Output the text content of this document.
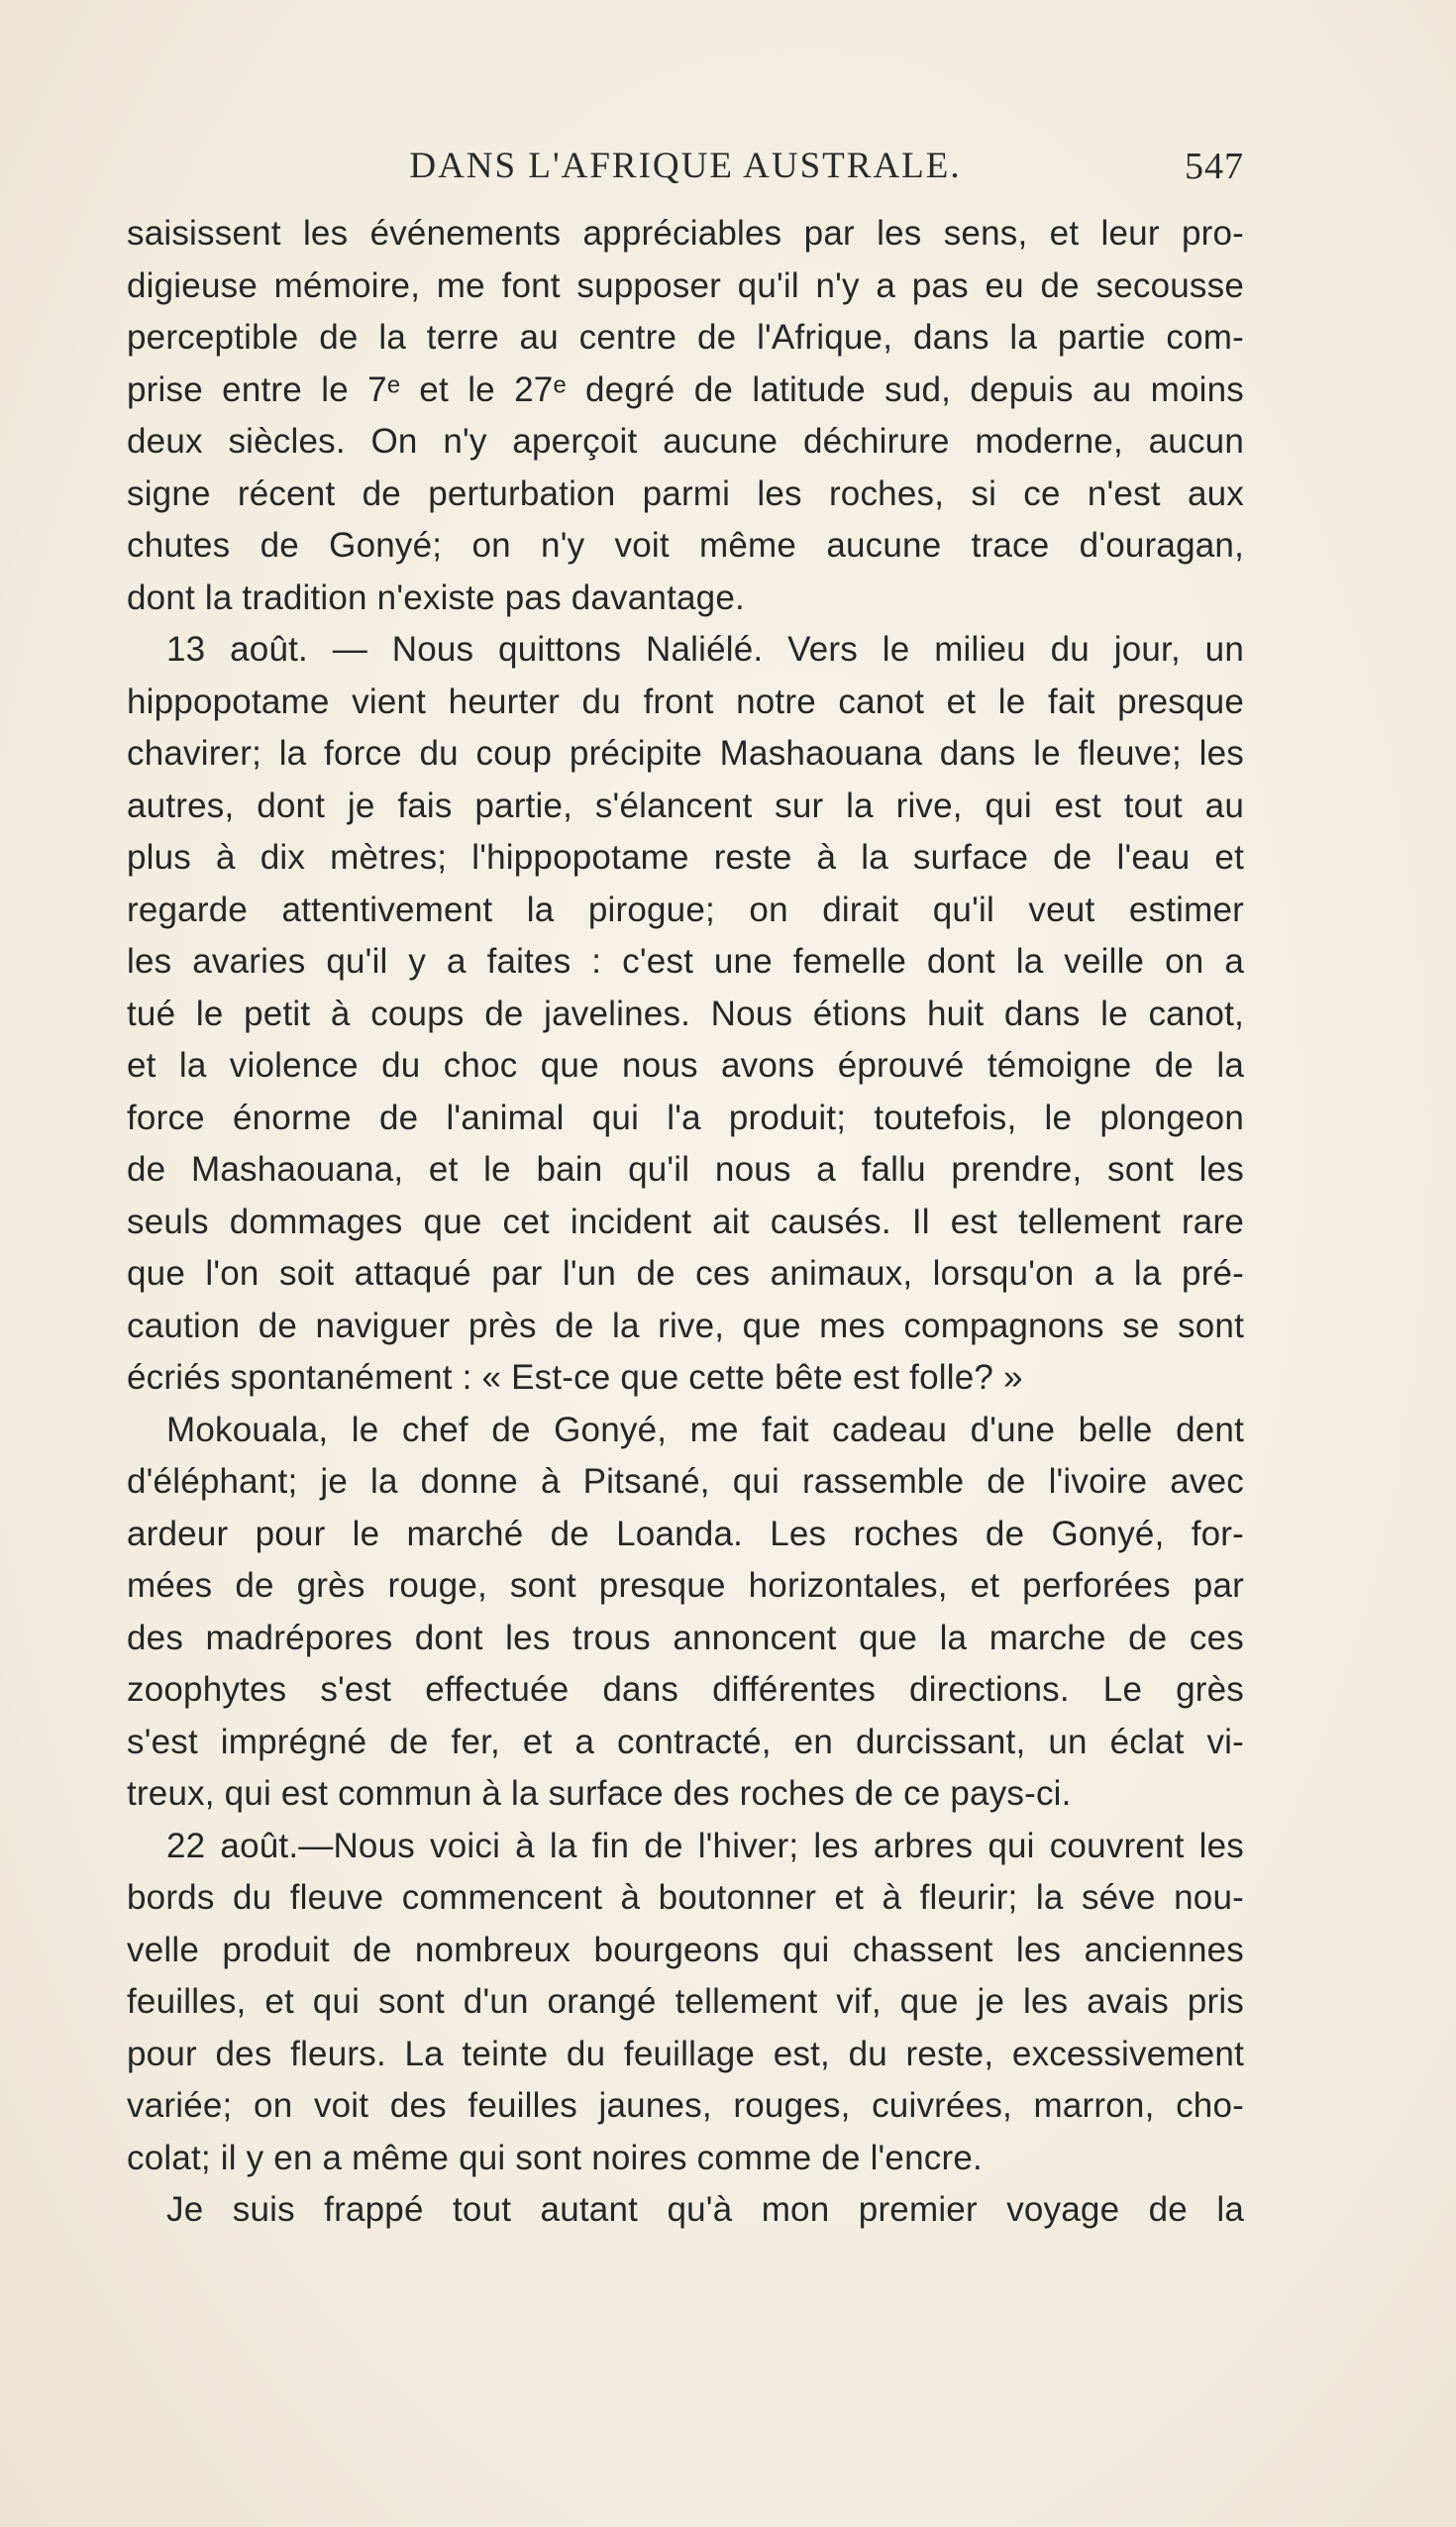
DANS L'AFRIQUE AUSTRALE.	547
saisissent les événements appréciables par les sens, et leur pro-
digieuse mémoire, me font supposer qu'il n'y a pas eu de secousse
perceptible de la terre au centre de l'Afrique, dans la partie com-
prise entre le 7ᵉ et le 27ᵉ degré de latitude sud, depuis au moins
deux siècles. On n'y aperçoit aucune déchirure moderne, aucun
signe récent de perturbation parmi les roches, si ce n'est aux
chutes de Gonyé; on n'y voit même aucune trace d'ouragan,
dont la tradition n'existe pas davantage.
13 août. — Nous quittons Naliélé. Vers le milieu du jour, un
hippopotame vient heurter du front notre canot et le fait presque
chavirer; la force du coup précipite Mashaouana dans le fleuve; les
autres, dont je fais partie, s'élancent sur la rive, qui est tout au
plus à dix mètres; l'hippopotame reste à la surface de l'eau et
regarde attentivement la pirogue; on dirait qu'il veut estimer
les avaries qu'il y a faites : c'est une femelle dont la veille on a
tué le petit à coups de javelines. Nous étions huit dans le canot,
et la violence du choc que nous avons éprouvé témoigne de la
force énorme de l'animal qui l'a produit; toutefois, le plongeon
de Mashaouana, et le bain qu'il nous a fallu prendre, sont les
seuls dommages que cet incident ait causés. Il est tellement rare
que l'on soit attaqué par l'un de ces animaux, lorsqu'on a la pré-
caution de naviguer près de la rive, que mes compagnons se sont
écriés spontanément : « Est-ce que cette bête est folle? »
Mokouala, le chef de Gonyé, me fait cadeau d'une belle dent
d'éléphant; je la donne à Pitsané, qui rassemble de l'ivoire avec
ardeur pour le marché de Loanda. Les roches de Gonyé, for-
mées de grès rouge, sont presque horizontales, et perforées par
des madrépores dont les trous annoncent que la marche de ces
zoophytes s'est effectuée dans différentes directions. Le grès
s'est imprégné de fer, et a contracté, en durcissant, un éclat vi-
treux, qui est commun à la surface des roches de ce pays-ci.
22 août.—Nous voici à la fin de l'hiver; les arbres qui couvrent les
bords du fleuve commencent à boutonner et à fleurir; la séve nou-
velle produit de nombreux bourgeons qui chassent les anciennes
feuilles, et qui sont d'un orangé tellement vif, que je les avais pris
pour des fleurs. La teinte du feuillage est, du reste, excessivement
variée; on voit des feuilles jaunes, rouges, cuivrées, marron, cho-
colat; il y en a même qui sont noires comme de l'encre.
Je suis frappé tout autant qu'à mon premier voyage de la
